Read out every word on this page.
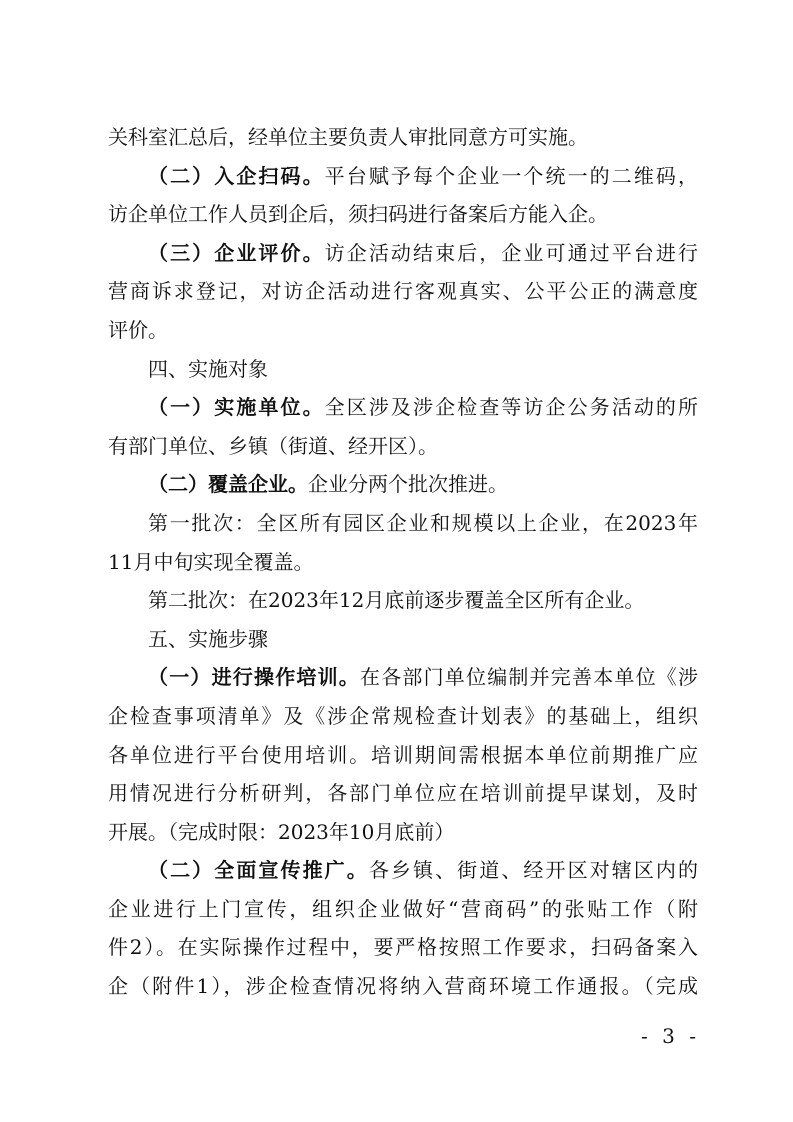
关科室汇总后，经单位主要负责人审批同意方可实施。
（二）入企扫码。平台赋予每个企业一个统一的二维码，
访企单位工作人员到企后，须扫码进行备案后方能入企。
（三）企业评价。访企活动结束后，企业可通过平台进行
营商诉求登记，对访企活动进行客观真实、公平公正的满意度
评价。
四、实施对象
（一）实施单位。全区涉及涉企检查等访企公务活动的所
有部门单位、乡镇（街道、经开区）。
（二）覆盖企业。企业分两个批次推进。
第一批次：全区所有园区企业和规模以上企业，在2023年
11月中旬实现全覆盖。
第二批次：在2023年12月底前逐步覆盖全区所有企业。
五、实施步骤
（一）进行操作培训。在各部门单位编制并完善本单位《涉
企检查事项清单》及《涉企常规检查计划表》的基础上，组织
各单位进行平台使用培训。培训期间需根据本单位前期推广应
用情况进行分析研判，各部门单位应在培训前提早谋划，及时
开展。（完成时限：2023年10月底前）
（二）全面宣传推广。各乡镇、街道、经开区对辖区内的
企业进行上门宣传，组织企业做好“营商码”的张贴工作（附
件2）。在实际操作过程中，要严格按照工作要求，扫码备案入
企（附件1），涉企检查情况将纳入营商环境工作通报。（完成
- 3 -
